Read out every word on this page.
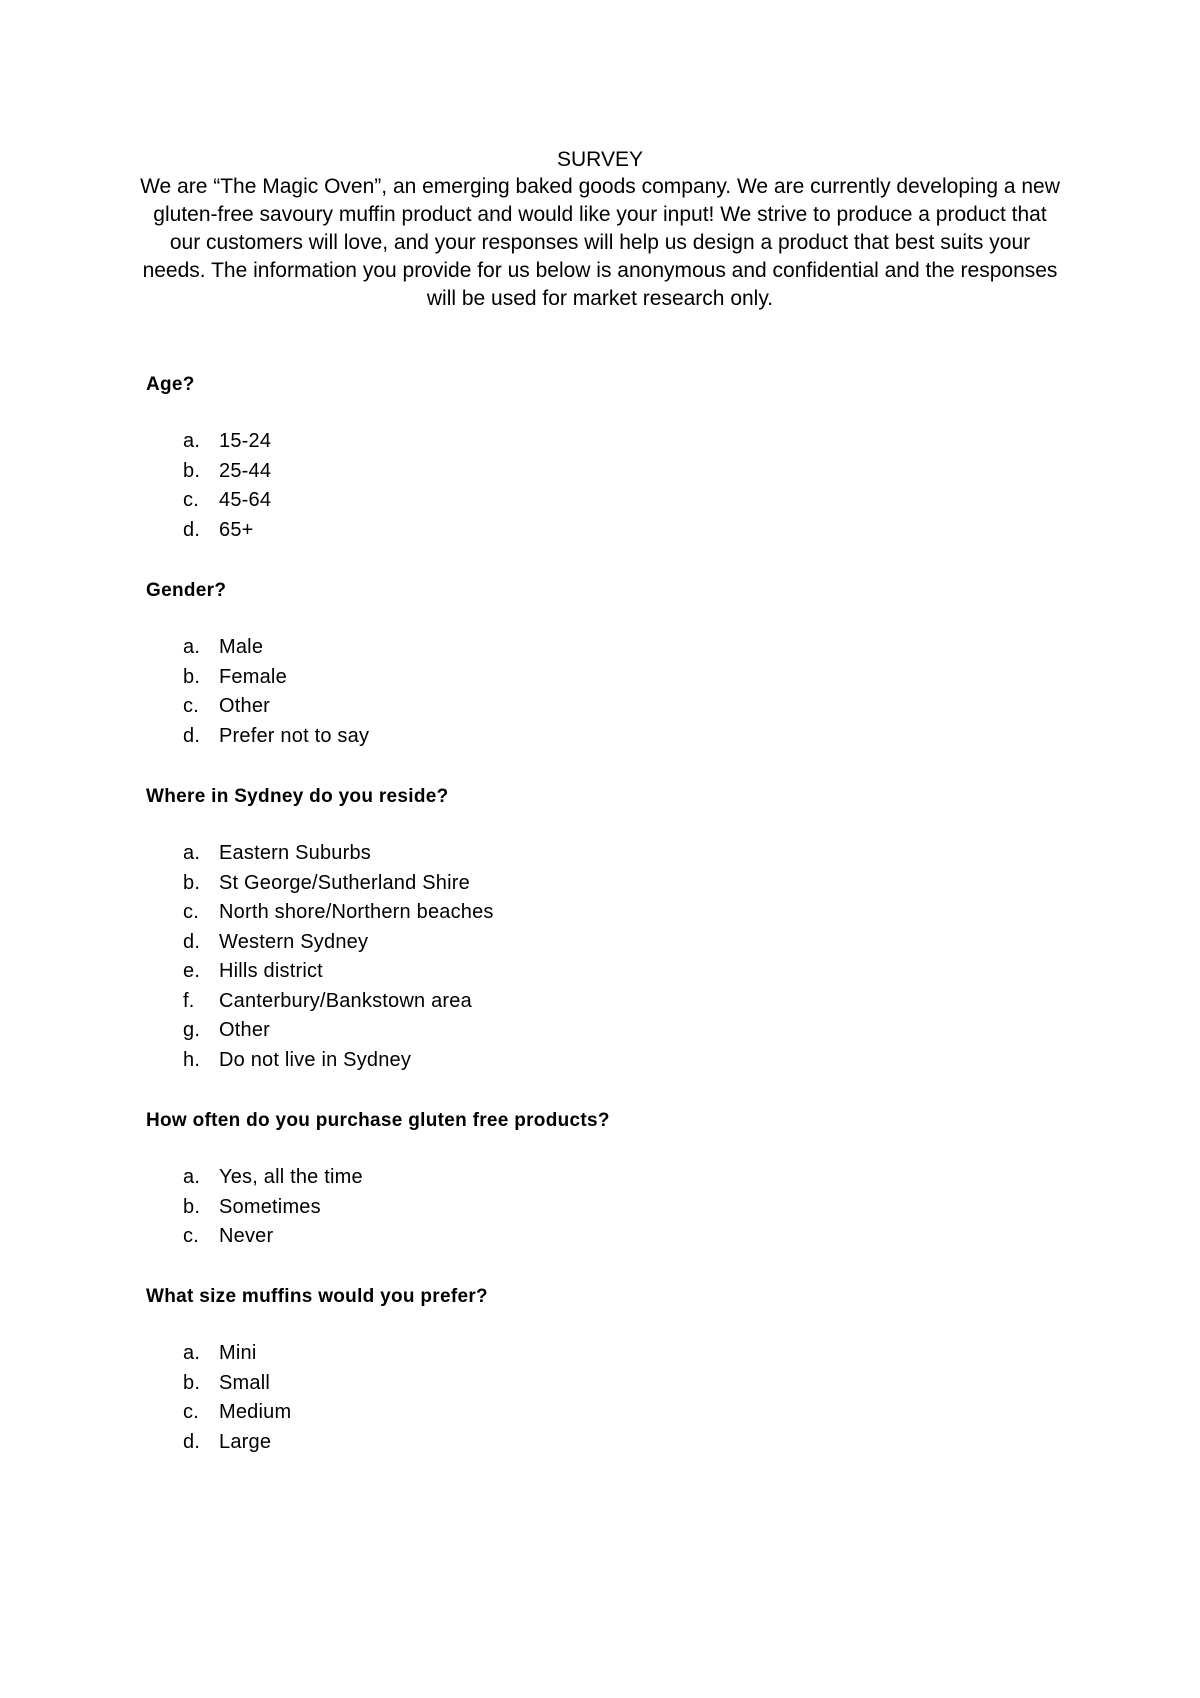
SURVEY

We are “The Magic Oven”, an emerging baked goods company. We are currently developing a new gluten-free savoury muffin product and would like your input! We strive to produce a product that our customers will love, and your responses will help us design a product that best suits your needs. The information you provide for us below is anonymous and confidential and the responses will be used for market research only.

Age?

a. 15-24
b. 25-44
c. 45-64
d. 65+

Gender?

a. Male
b. Female
c. Other
d. Prefer not to say

Where in Sydney do you reside?

a. Eastern Suburbs
b. St George/Sutherland Shire
c. North shore/Northern beaches
d. Western Sydney
e. Hills district
f. Canterbury/Bankstown area
g. Other
h. Do not live in Sydney

How often do you purchase gluten free products?

a. Yes, all the time
b. Sometimes
c. Never

What size muffins would you prefer?

a. Mini
b. Small
c. Medium
d. Large
